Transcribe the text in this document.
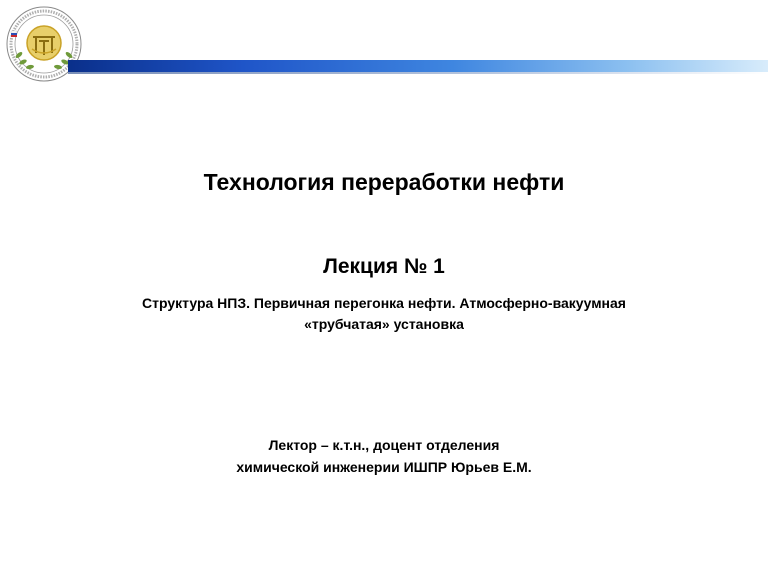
Технология переработки нефти
Лекция № 1
Структура НПЗ. Первичная перегонка нефти. Атмосферно-вакуумная
«трубчатая» установка
Лектор – к.т.н., доцент отделения
химической инженерии ИШПР Юрьев Е.М.
